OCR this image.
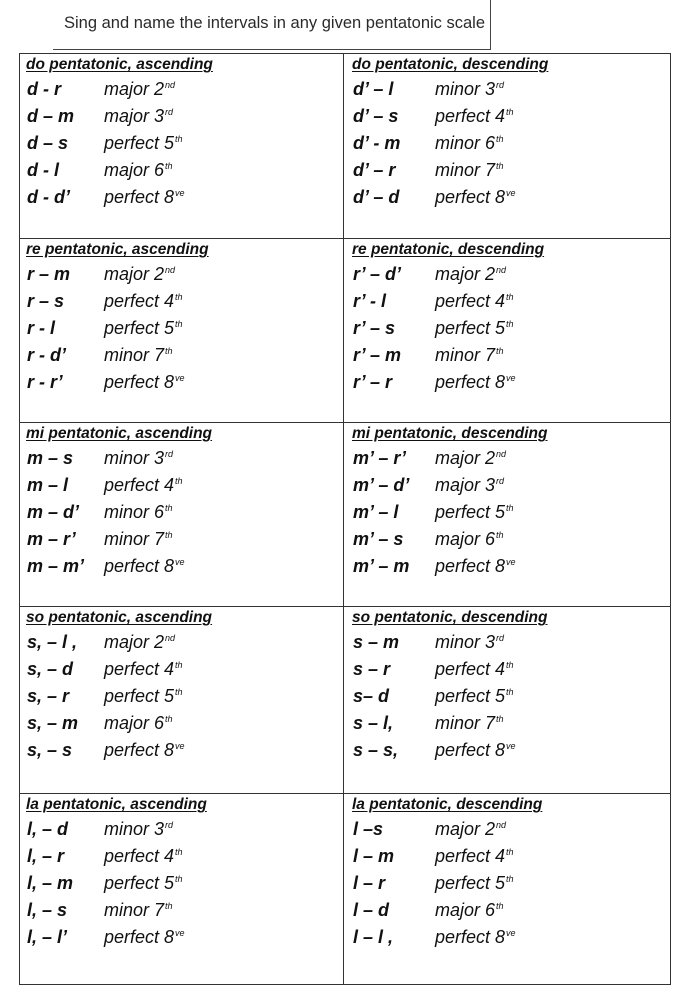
Sing and name the intervals in any given pentatonic scale
do pentatonic, ascending
d - r major 2nd
d – m major 3rd
d – s perfect 5th
d - l	major 6th
d - d’ perfect $8^{ve}$
do pentatonic, descending
d’ – l minor 3rd
d’ – s perfect 4th
d’ - m minor 6th
d’ – r minor 7th
d’ – d perfect $8^{ve}$
re pentatonic, ascending
r – m major 2nd
r – s perfect 4th
r - l	perfect 5th
r - d’ minor 7th
r - r’ perfect $8^{ve}$
re pentatonic, descending
r’ – d’ major 2nd
r’ - l	perfect 4th
r’ – s perfect 5th
r’ – m minor 7th
r’ – r perfect $8^{ve}$
mi pentatonic, ascending
m – s minor 3rd
m – l perfect 4th
m – d’ minor 6th
m – r’ minor 7th
m – m’ perfect $8^{ve}$
mi pentatonic, descending
m’ – r’ major 2nd
m’ – d’ major 3rd
m’ – l perfect 5th
m’ – s major 6th
m’ – m perfect $8^{ve}$
so pentatonic, ascending
s, – l , major 2nd
s, – d perfect 4th
s, – r perfect 5th
s, – m major 6th
s, – s perfect $8^{ve}$
so pentatonic, descending
s – m minor 3rd
s – r perfect 4th
s– d	perfect 5th
s – l, minor 7th
s – s, perfect $8^{ve}$
la pentatonic, ascending
l, – d minor 3rd
l, – r perfect 4th
l, – m perfect 5th
l, – s minor 7th
l, – l’ perfect $8^{ve}$
la pentatonic, descending
l –s	major 2nd
l – m perfect 4th
l – r	perfect 5th
l – d	major 6th
l – l , perfect $8^{ve}$
